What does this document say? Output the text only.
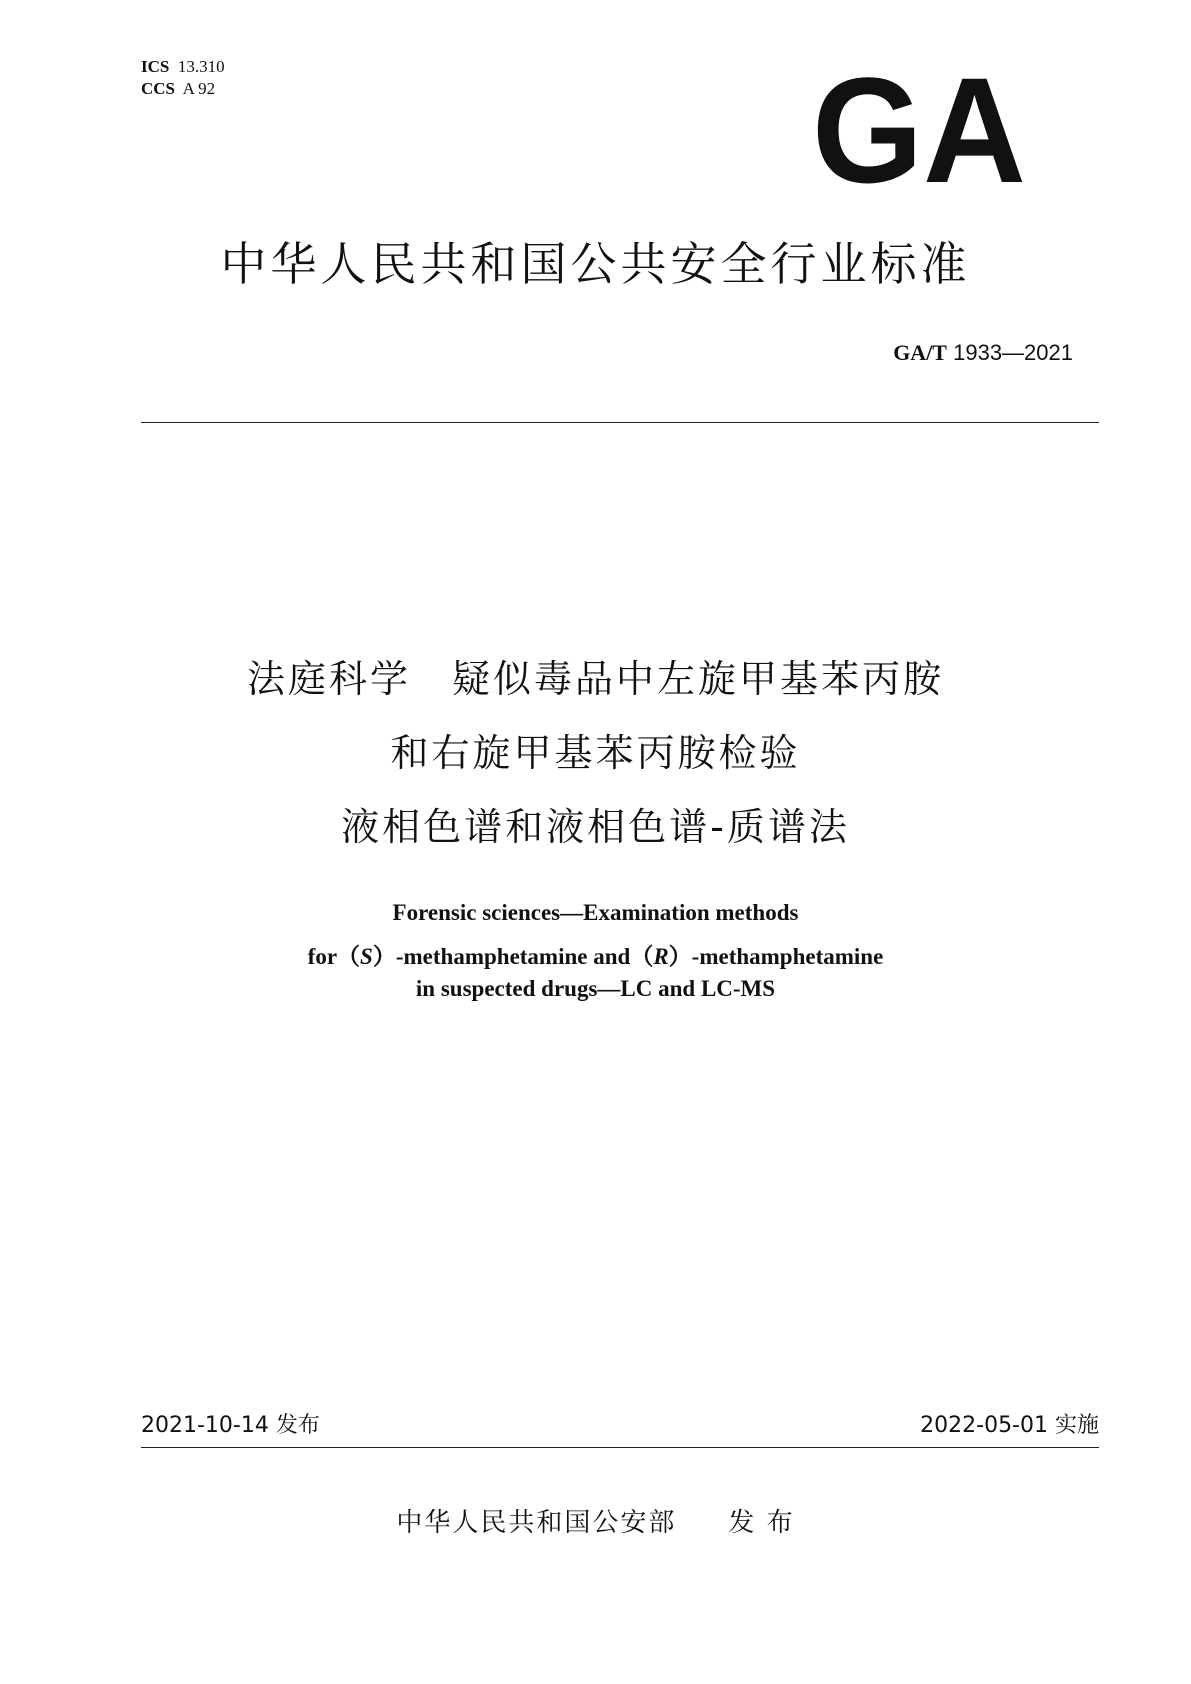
ICS 13.310
CCS A 92	GA
中华人民共和国公共安全行业标准
GA/T 1933—2021
法庭科学　疑似毒品中左旋甲基苯丙胺
和右旋甲基苯丙胺检验
液相色谱和液相色谱-质谱法
Forensic sciences—Examination methods
for（S）-methamphetamine and（R）-methamphetamine
in suspected drugs—LC and LC-MS
2021-10-14 发布	2022-05-01 实施
中华人民共和国公安部 发 布
